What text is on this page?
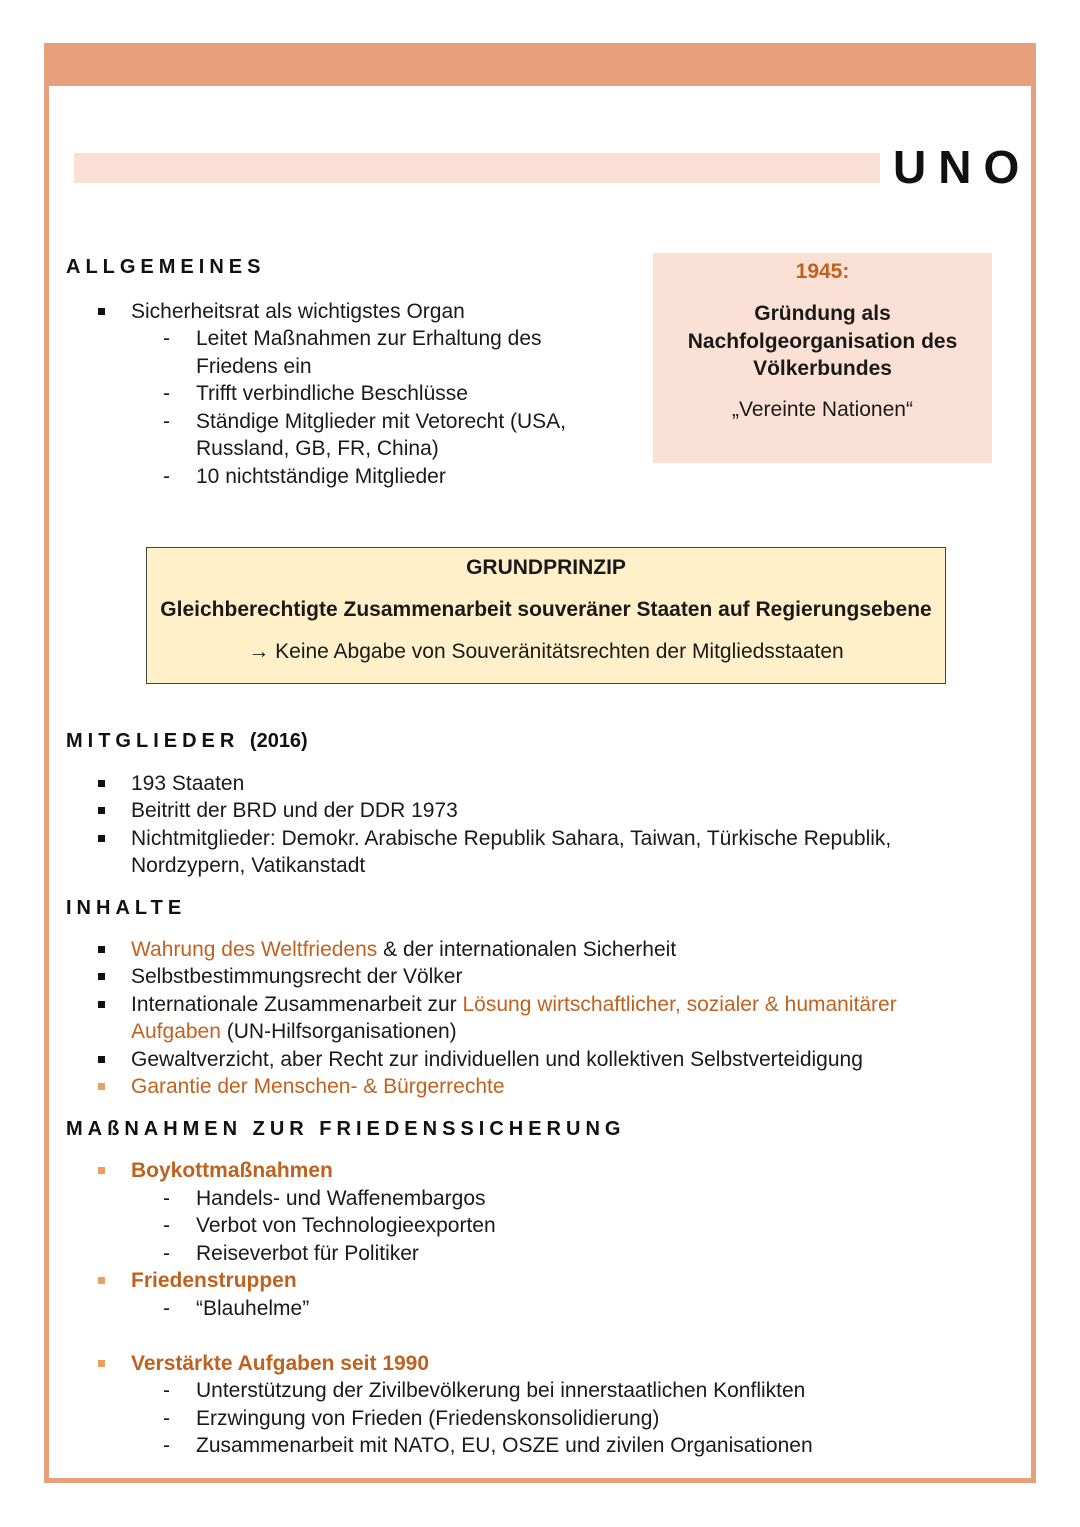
UNO
ALLGEMEINES
Sicherheitsrat als wichtigstes Organ
- Leitet Maßnahmen zur Erhaltung des
Friedens ein
- Trifft verbindliche Beschlüsse
- Ständige Mitglieder mit Vetorecht (USA,
Russland, GB, FR, China)
- 10 nichtständige Mitglieder
1945:
Gründung als
Nachfolgeorganisation des
Völkerbundes
„Vereinte Nationen“
GRUNDPRINZIP
Gleichberechtigte Zusammenarbeit souveräner Staaten auf Regierungsebene
→ Keine Abgabe von Souveränitätsrechten der Mitgliedsstaaten
MITGLIEDER (2016)
193 Staaten
Beitritt der BRD und der DDR 1973
Nichtmitglieder: Demokr. Arabische Republik Sahara, Taiwan, Türkische Republik,
Nordzypern, Vatikanstadt
INHALTE
Wahrung des Weltfriedens & der internationalen Sicherheit
Selbstbestimmungsrecht der Völker
Internationale Zusammenarbeit zur Lösung wirtschaftlicher, sozialer & humanitärer
Aufgaben (UN-Hilfsorganisationen)
Gewaltverzicht, aber Recht zur individuellen und kollektiven Selbstverteidigung
Garantie der Menschen- & Bürgerrechte
MAßNAHMEN ZUR FRIEDENSSICHERUNG
Boykottmaßnahmen
- Handels- und Waffenembargos
- Verbot von Technologieexporten
- Reiseverbot für Politiker
Friedenstruppen
- “Blauhelme”
Verstärkte Aufgaben seit 1990
- Unterstützung der Zivilbevölkerung bei innerstaatlichen Konflikten
- Erzwingung von Frieden (Friedenskonsolidierung)
- Zusammenarbeit mit NATO, EU, OSZE und zivilen Organisationen
